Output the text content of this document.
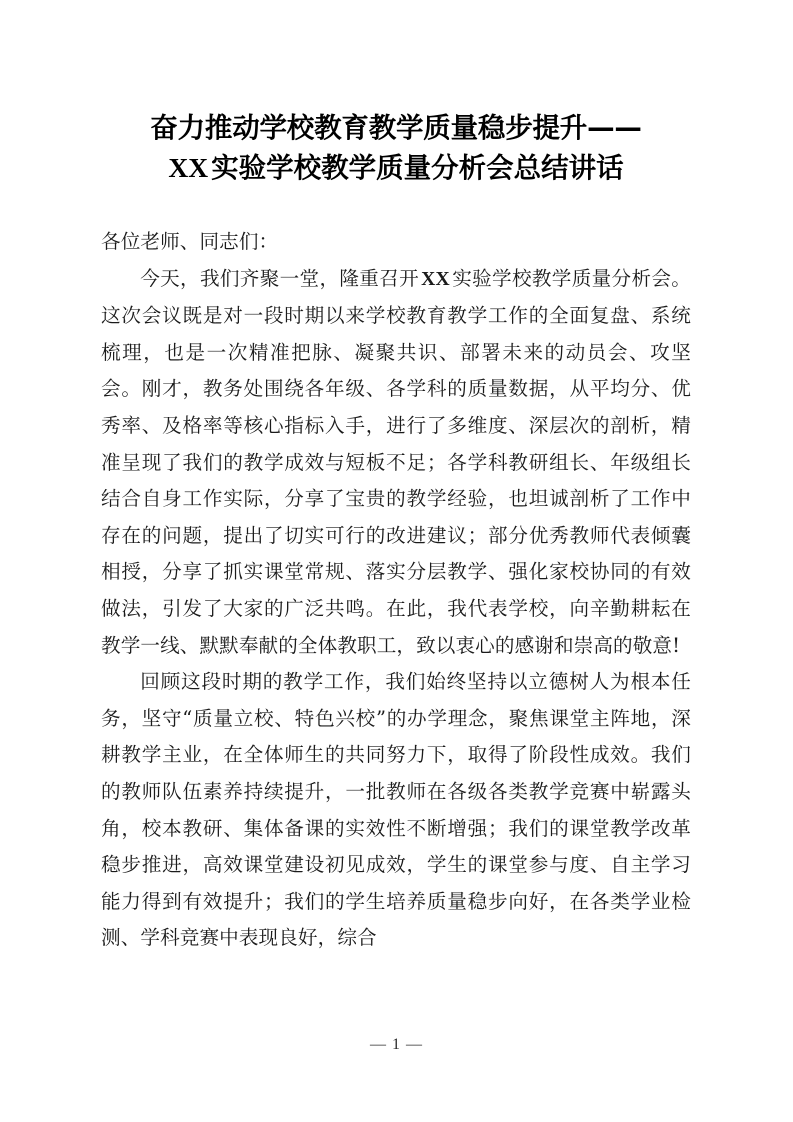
奋力推动学校教育教学质量稳步提升——
XX 实验学校教学质量分析会总结讲话

各位老师、同志们：

今天，我们齐聚一堂，隆重召开 XX 实验学校教学质量分析会。这次会议既是对一段时期以来学校教育教学工作的全面复盘、系统梳理，也是一次精准把脉、凝聚共识、部署未来的动员会、攻坚会。刚才，教务处围绕各年级、各学科的质量数据，从平均分、优秀率、及格率等核心指标入手，进行了多维度、深层次的剖析，精准呈现了我们的教学成效与短板不足；各学科教研组长、年级组长结合自身工作实际，分享了宝贵的教学经验，也坦诚剖析了工作中存在的问题，提出了切实可行的改进建议；部分优秀教师代表倾囊相授，分享了抓实课堂常规、落实分层教学、强化家校协同的有效做法，引发了大家的广泛共鸣。在此，我代表学校，向辛勤耕耘在教学一线、默默奉献的全体教职工，致以衷心的感谢和崇高的敬意!

回顾这段时期的教学工作，我们始终坚持以立德树人为根本任务，坚守“质量立校、特色兴校”的办学理念，聚焦课堂主阵地，深耕教学主业，在全体师生的共同努力下，取得了阶段性成效。我们的教师队伍素养持续提升，一批教师在各级各类教学竞赛中崭露头角，校本教研、集体备课的实效性不断增强；我们的课堂教学改革稳步推进，高效课堂建设初见成效，学生的课堂参与度、自主学习能力得到有效提升；我们的学生培养质量稳步向好，在各类学业检测、学科竞赛中表现良好，综合

— 1 —
